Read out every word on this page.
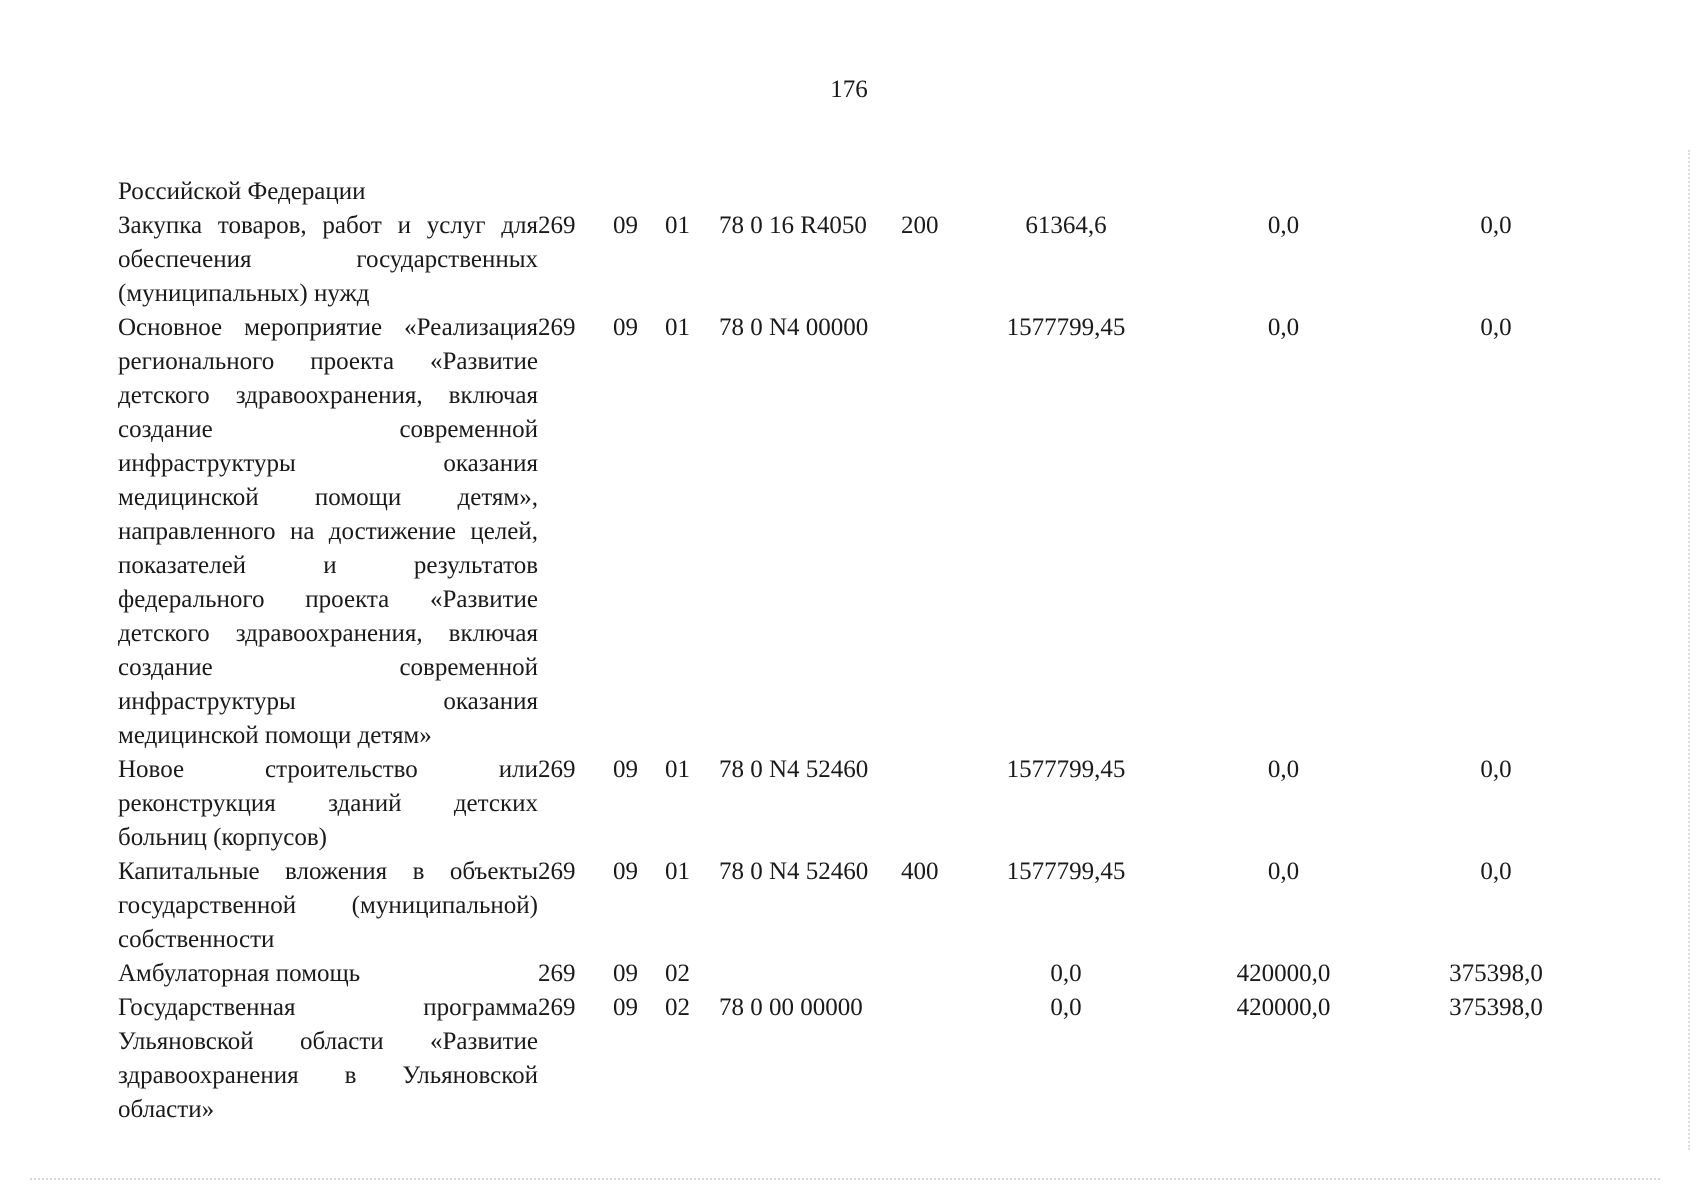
176
Российской Федерации								
Закупка товаров, работ и услуг для обеспечения государственных (муниципальных) нужд	269	09	01	78 0 16 R4050	200	61364,6	0,0	0,0
Основное мероприятие «Реализация регионального проекта «Развитие детского здравоохранения, включая создание современной инфраструктуры оказания медицинской помощи детям», направленного на достижение целей, показателей и результатов федерального проекта «Развитие детского здравоохранения, включая создание современной инфраструктуры оказания медицинской помощи детям»	269	09	01	78 0 N4 00000		1577799,45	0,0	0,0
Новое строительство или реконструкция зданий детских больниц (корпусов)	269	09	01	78 0 N4 52460		1577799,45	0,0	0,0
Капитальные вложения в объекты государственной (муниципальной) собственности	269	09	01	78 0 N4 52460	400	1577799,45	0,0	0,0
Амбулаторная помощь	269	09	02			0,0	420000,0	375398,0
Государственная программа Ульяновской области «Развитие здравоохранения в Ульяновской области»	269	09	02	78 0 00 00000		0,0	420000,0	375398,0
